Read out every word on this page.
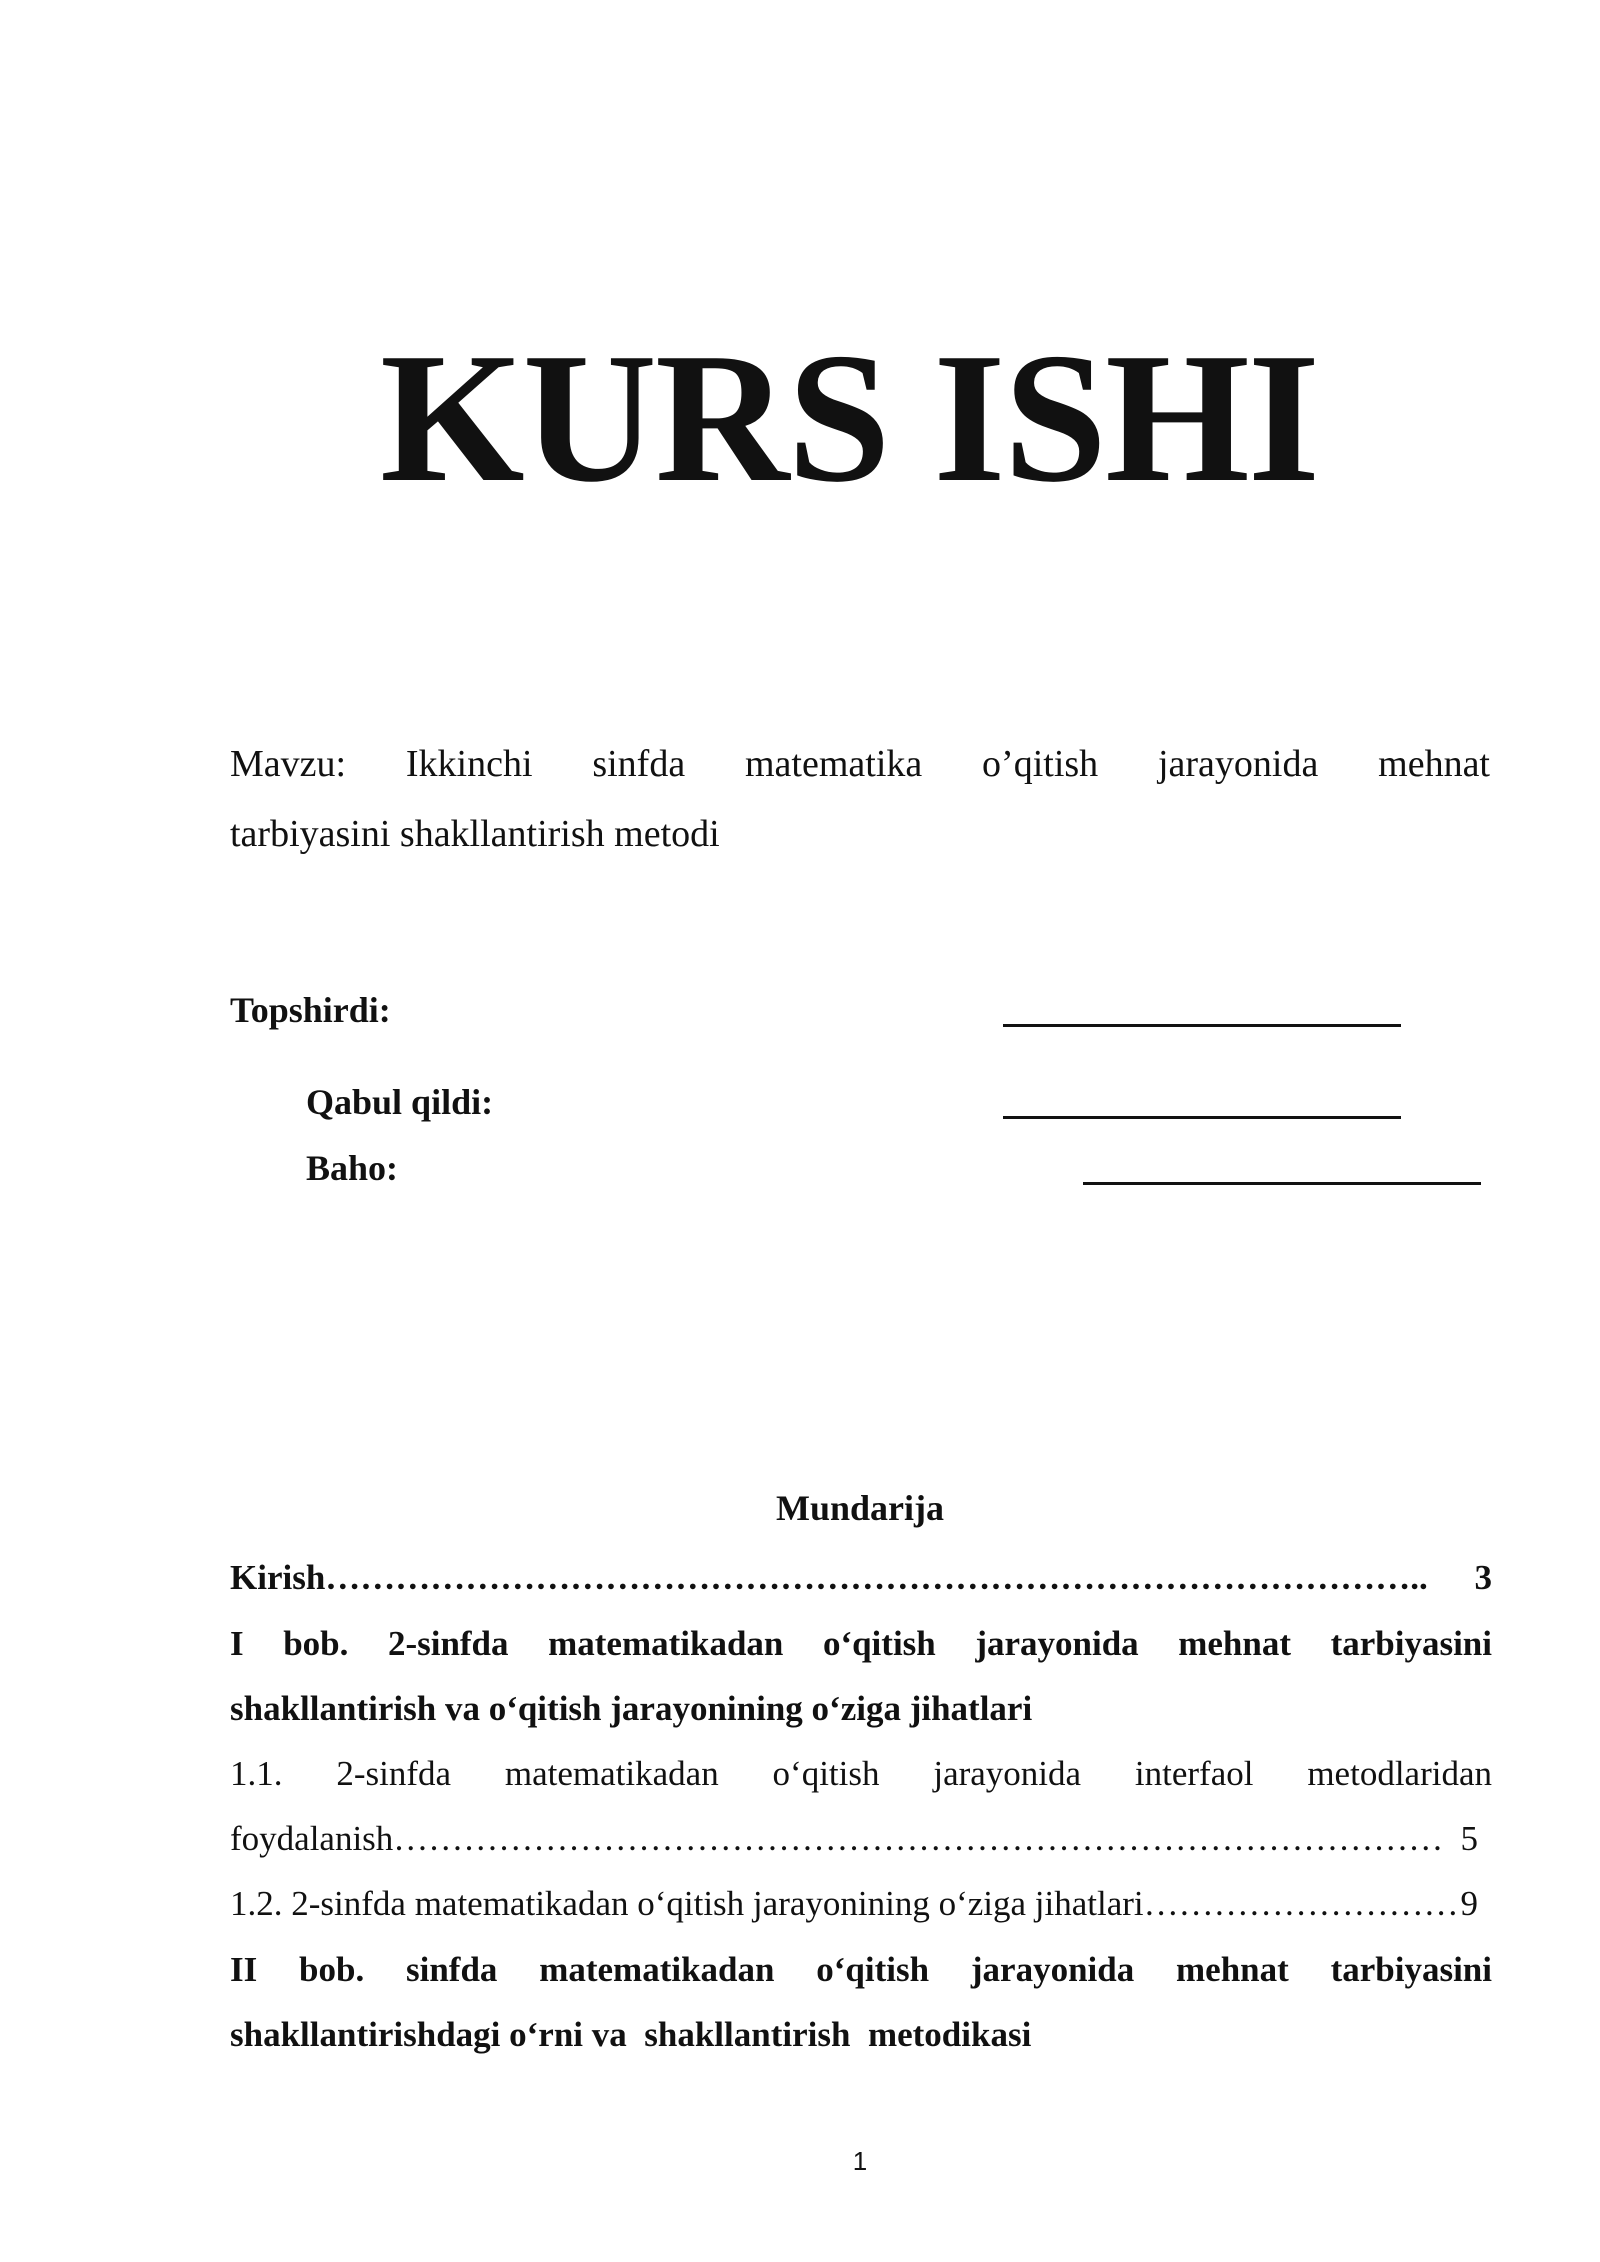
KURS ISHI

Mavzu: Ikkinchi sinfda matematika o’qitish jarayonida mehnat

tarbiyasini shakllantirish metodi

Topshirdi:

Qabul qildi:

Baho:

Mundarija

Kirish …………………………………………………………………………………..	3

I bob. 2-sinfda matematikadan o‘qitish jarayonida mehnat tarbiyasini

shakllantirish va o‘qitish jarayonining o‘ziga jihatlari

1.1. 2-sinfda matematikadan o‘qitish jarayonida interfaol metodlaridan

foydalanish ……………………………………………………………………………… 5
1.2. 2-sinfda matematikadan o‘qitish jarayonining o‘ziga jihatlari ……………………… 9

II bob. sinfda matematikadan o‘qitish jarayonida mehnat tarbiyasini

shakllantirishdagi o‘rni va  shakllantirish  metodikasi

1
